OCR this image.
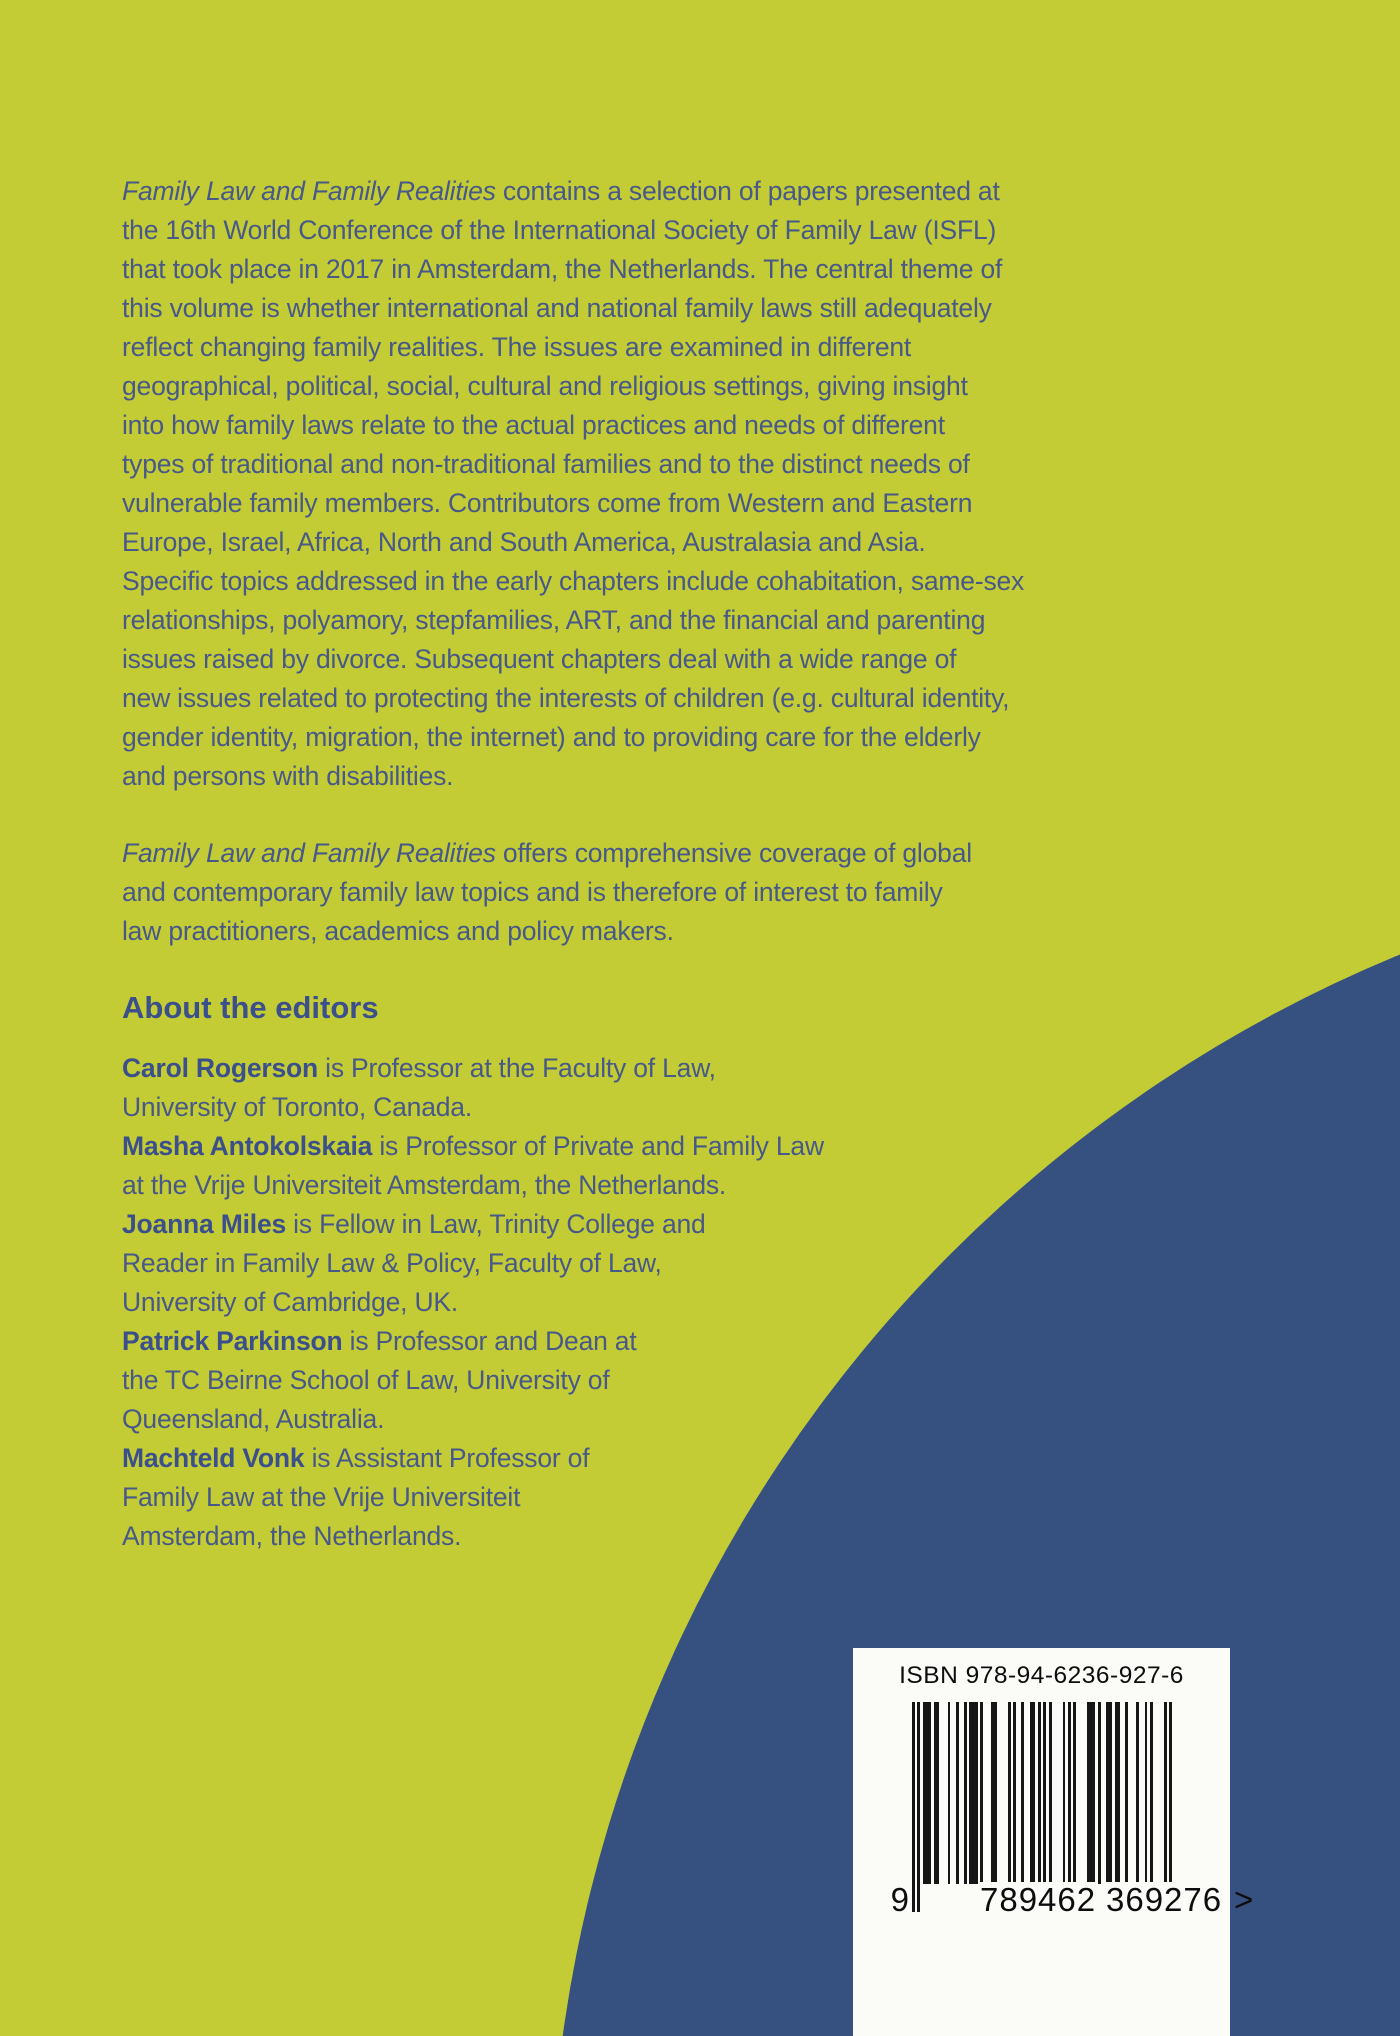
Family Law and Family Realities contains a selection of papers presented at
the 16th World Conference of the International Society of Family Law (ISFL)
that took place in 2017 in Amsterdam, the Netherlands. The central theme of
this volume is whether international and national family laws still adequately
reflect changing family realities. The issues are examined in different
geographical, political, social, cultural and religious settings, giving insight
into how family laws relate to the actual practices and needs of different
types of traditional and non-traditional families and to the distinct needs of
vulnerable family members. Contributors come from Western and Eastern
Europe, Israel, Africa, North and South America, Australasia and Asia.
Specific topics addressed in the early chapters include cohabitation, same-sex
relationships, polyamory, stepfamilies, ART, and the financial and parenting
issues raised by divorce. Subsequent chapters deal with a wide range of
new issues related to protecting the interests of children (e.g. cultural identity,
gender identity, migration, the internet) and to providing care for the elderly
and persons with disabilities.
Family Law and Family Realities offers comprehensive coverage of global
and contemporary family law topics and is therefore of interest to family
law practitioners, academics and policy makers.
About the editors
Carol Rogerson is Professor at the Faculty of Law,
University of Toronto, Canada.
Masha Antokolskaia is Professor of Private and Family Law
at the Vrije Universiteit Amsterdam, the Netherlands.
Joanna Miles is Fellow in Law, Trinity College and
Reader in Family Law & Policy, Faculty of Law,
University of Cambridge, UK.
Patrick Parkinson is Professor and Dean at
the TC Beirne School of Law, University of
Queensland, Australia.
Machteld Vonk is Assistant Professor of
Family Law at the Vrije Universiteit
Amsterdam, the Netherlands.
ISBN 978-94-6236-927-6
9 789462 369276 >
